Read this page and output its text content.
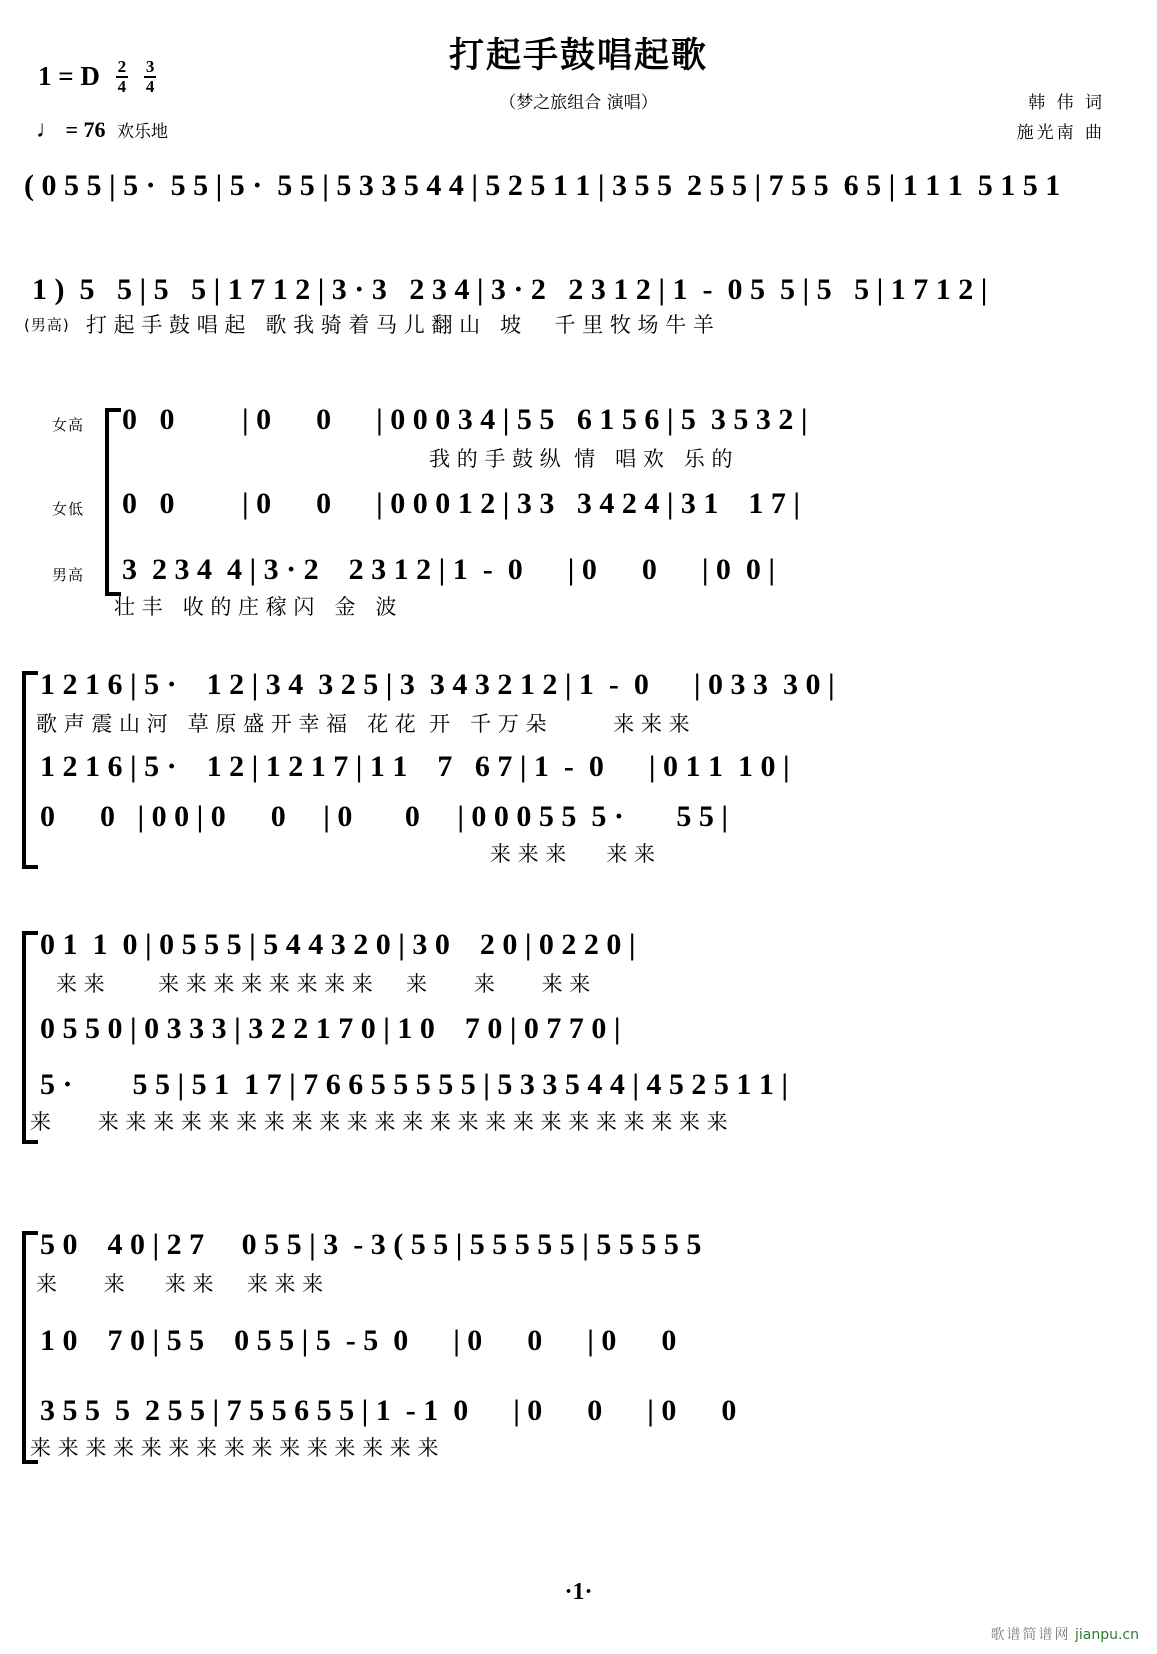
打起手鼓唱起歌
（梦之旅组合 演唱）	韩 伟 词
施光南 曲
1 = D $\frac{2}{4}$
$\frac{3}{4}$
♩ = 76 欢乐地
( 0 5 5 | 5 ·  5 5 | 5 ·  5 5 | 5 3 3 5 4 4 | 5 2 5 1 1 | 3 5 5  2 5 5 | 7 5 5  6 5 | 1 1 1  5 1 5 1
1 )  5   5 | 5   5 | 1 7 1 2 | 3 · 3   2 3 4 | 3 · 2   2 3 1 2 | 1  -  0 5  5 | 5   5 | 1 7 1 2 |
(男高) 打 起 手 鼓 唱 起   歌 我 骑 着 马 儿 翻 山   坡     千 里 牧 场 牛 羊
女高
女低
男高
0   0         | 0      0      | 0 0 0 3 4 | 5 5   6 1 5 6 | 5  3 5 3 2 |
我 的 手 鼓 纵  情   唱 欢   乐 的
0   0         | 0      0      | 0 0 0 1 2 | 3 3   3 4 2 4 | 3 1    1 7 |
3  2 3 4  4 | 3 · 2    2 3 1 2 | 1  -  0      | 0      0      | 0  0 |
壮 丰   收 的 庄 稼 闪   金   波
1 2 1 6 | 5 ·    1 2 | 3 4  3 2 5 | 3  3 4 3 2 1 2 | 1  -  0      | 0 3 3  3 0 |
歌 声 震 山 河   草 原 盛 开 幸 福   花 花  开   千 万 朵          来 来 来
1 2 1 6 | 5 ·    1 2 | 1 2 1 7 | 1 1    7   6 7 | 1  -  0      | 0 1 1  1 0 |
0      0   | 0 0 | 0      0     | 0       0     | 0 0 0 5 5  5 ·       5 5 |
来 来 来      来 来
0 1  1  0 | 0 5 5 5 | 5 4 4 3 2 0 | 3 0    2 0 | 0 2 2 0 |
来 来        来 来 来 来 来 来 来 来     来       来       来 来
0 5 5 0 | 0 3 3 3 | 3 2 2 1 7 0 | 1 0    7 0 | 0 7 7 0 |
5 ·        5 5 | 5 1  1 7 | 7 6 6 5 5 5 5 5 | 5 3 3 5 4 4 | 4 5 2 5 1 1 |
来       来 来 来 来 来 来 来 来 来 来 来 来 来 来 来 来 来 来 来 来 来 来 来
5 0    4 0 | 2 7     0 5 5 | 3  - 3 ( 5 5 | 5 5 5 5 5 | 5 5 5 5 5
来       来      来 来     来 来 来
1 0    7 0 | 5 5    0 5 5 | 5  - 5  0      | 0      0      | 0      0
3 5 5  5  2 5 5 | 7 5 5 6 5 5 | 1  - 1  0      | 0      0      | 0      0
来 来 来 来 来 来 来 来 来 来 来 来 来 来 来
·1·
歌谱简谱网 jianpu.cn
